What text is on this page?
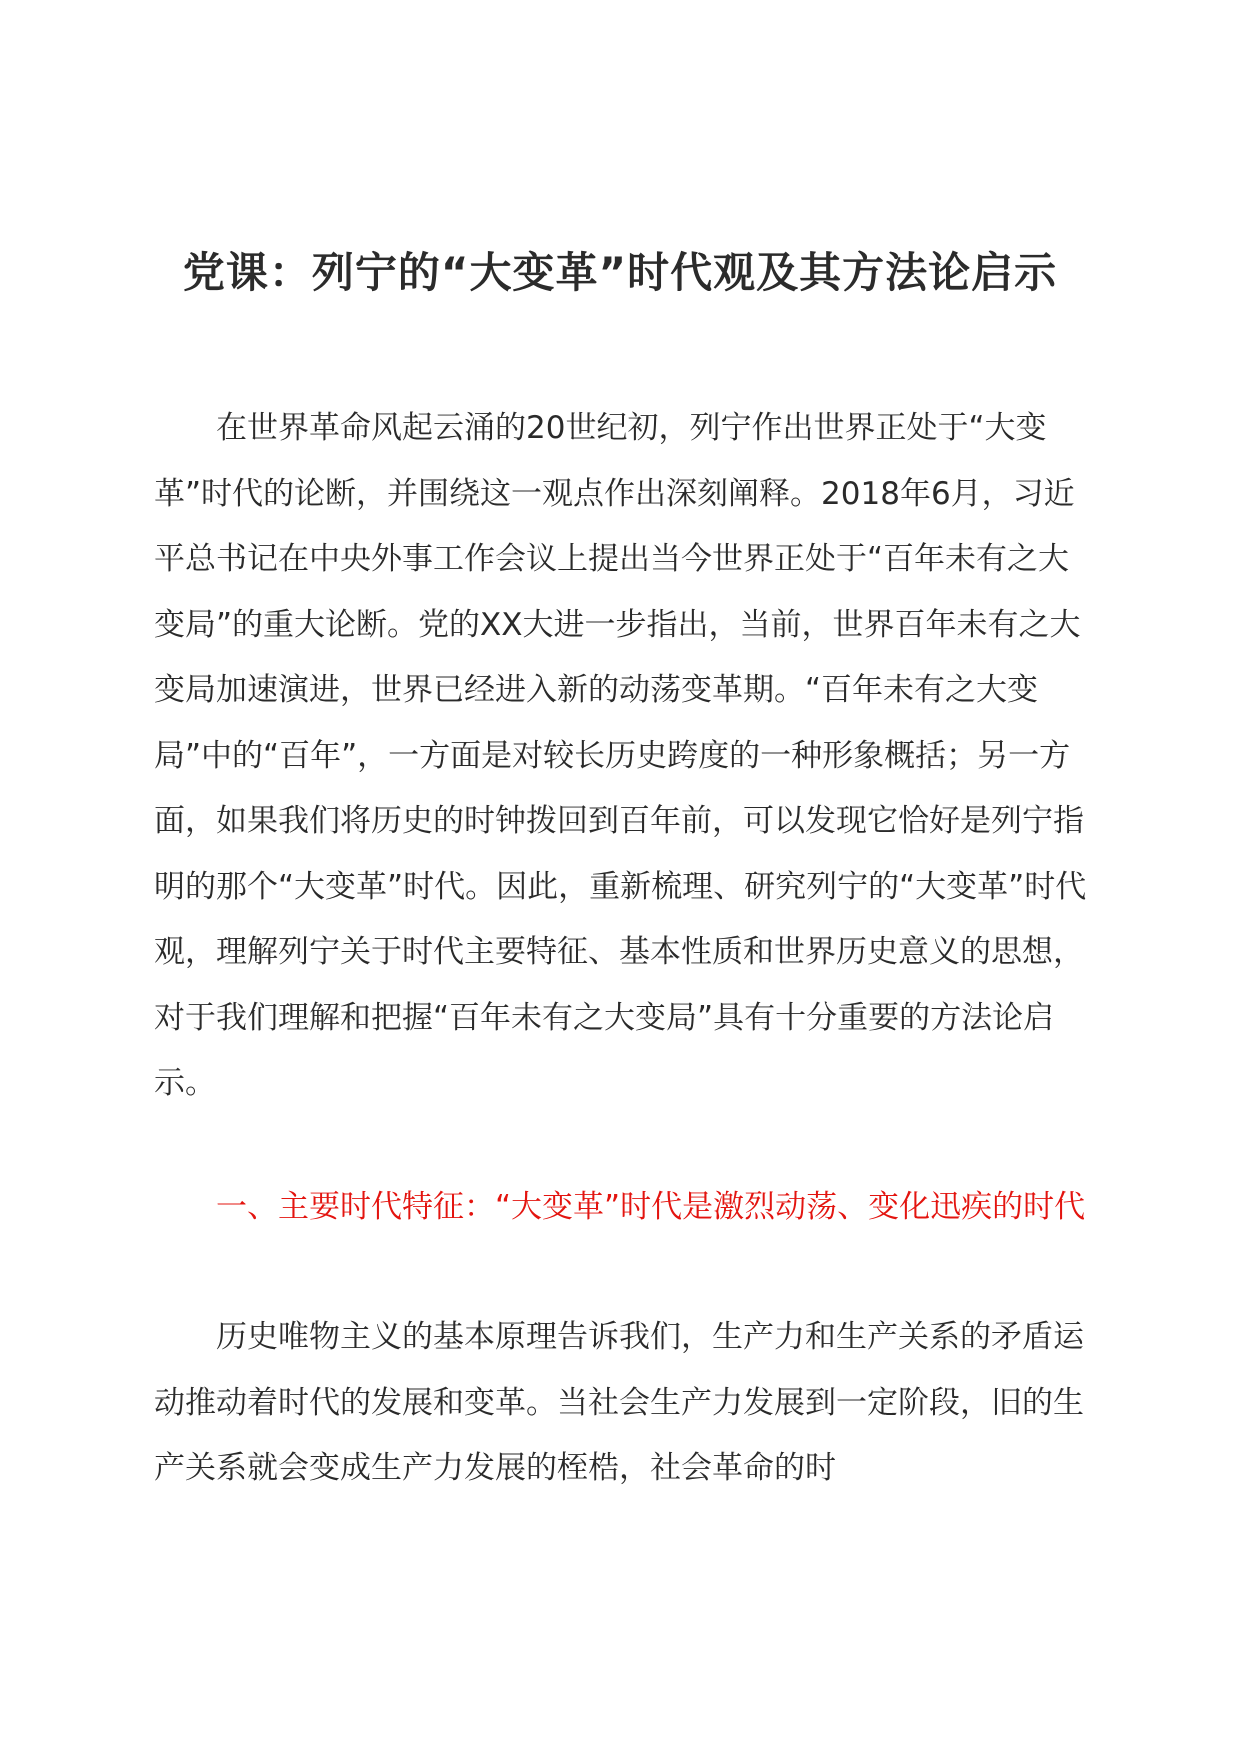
党课：列宁的“大变革”时代观及其方法论启示

在世界革命风起云涌的20世纪初，列宁作出世界正处于“大变革”时代的论断，并围绕这一观点作出深刻阐释。2018年6月，习近平总书记在中央外事工作会议上提出当今世界正处于“百年未有之大变局”的重大论断。党的XX大进一步指出，当前，世界百年未有之大变局加速演进，世界已经进入新的动荡变革期。“百年未有之大变局”中的“百年”，一方面是对较长历史跨度的一种形象概括；另一方面，如果我们将历史的时钟拨回到百年前，可以发现它恰好是列宁指明的那个“大变革”时代。因此，重新梳理、研究列宁的“大变革”时代观，理解列宁关于时代主要特征、基本性质和世界历史意义的思想，对于我们理解和把握“百年未有之大变局”具有十分重要的方法论启示。

一、主要时代特征：“大变革”时代是激烈动荡、变化迅疾的时代

历史唯物主义的基本原理告诉我们，生产力和生产关系的矛盾运动推动着时代的发展和变革。当社会生产力发展到一定阶段，旧的生产关系就会变成生产力发展的桎梏，社会革命的时
